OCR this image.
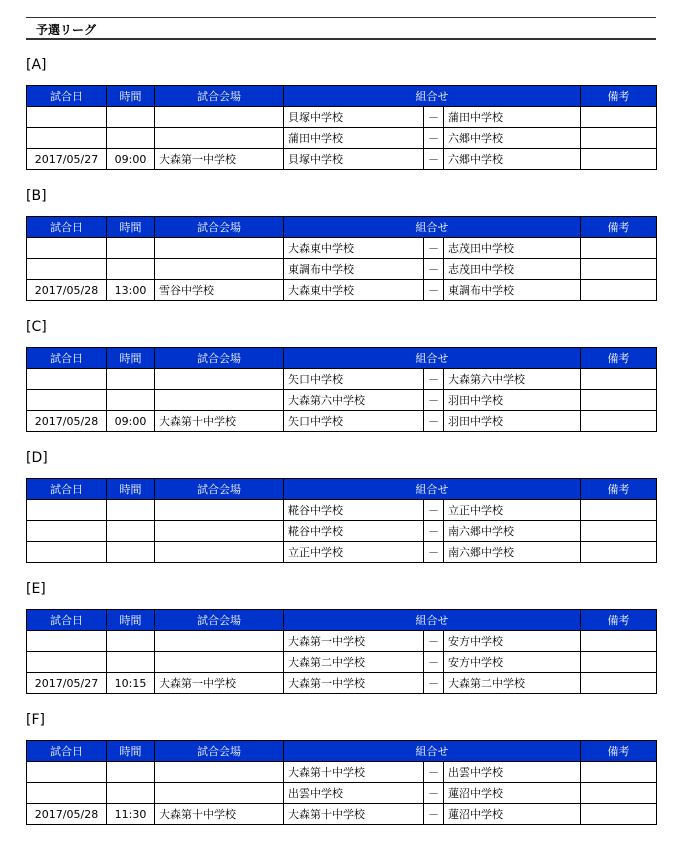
予選リーグ
[A]
試合日	時間	試合会場	組合せ			備考
			貝塚中学校	－	蒲田中学校	
			蒲田中学校	－	六郷中学校	
2017/05/27	09:00	大森第一中学校	貝塚中学校	－	六郷中学校	
[B]
試合日	時間	試合会場	組合せ			備考
			大森東中学校	－	志茂田中学校	
			東調布中学校	－	志茂田中学校	
2017/05/28	13:00	雪谷中学校	大森東中学校	－	東調布中学校	
[C]
試合日	時間	試合会場	組合せ			備考
			矢口中学校	－	大森第六中学校	
			大森第六中学校	－	羽田中学校	
2017/05/28	09:00	大森第十中学校	矢口中学校	－	羽田中学校	
[D]
試合日	時間	試合会場	組合せ			備考
			糀谷中学校	－	立正中学校	
			糀谷中学校	－	南六郷中学校	
			立正中学校	－	南六郷中学校	
[E]
試合日	時間	試合会場	組合せ			備考
			大森第一中学校	－	安方中学校	
			大森第二中学校	－	安方中学校	
2017/05/27	10:15	大森第一中学校	大森第一中学校	－	大森第二中学校	
[F]
試合日	時間	試合会場	組合せ			備考
			大森第十中学校	－	出雲中学校	
			出雲中学校	－	蓮沼中学校	
2017/05/28	11:30	大森第十中学校	大森第十中学校	－	蓮沼中学校	
